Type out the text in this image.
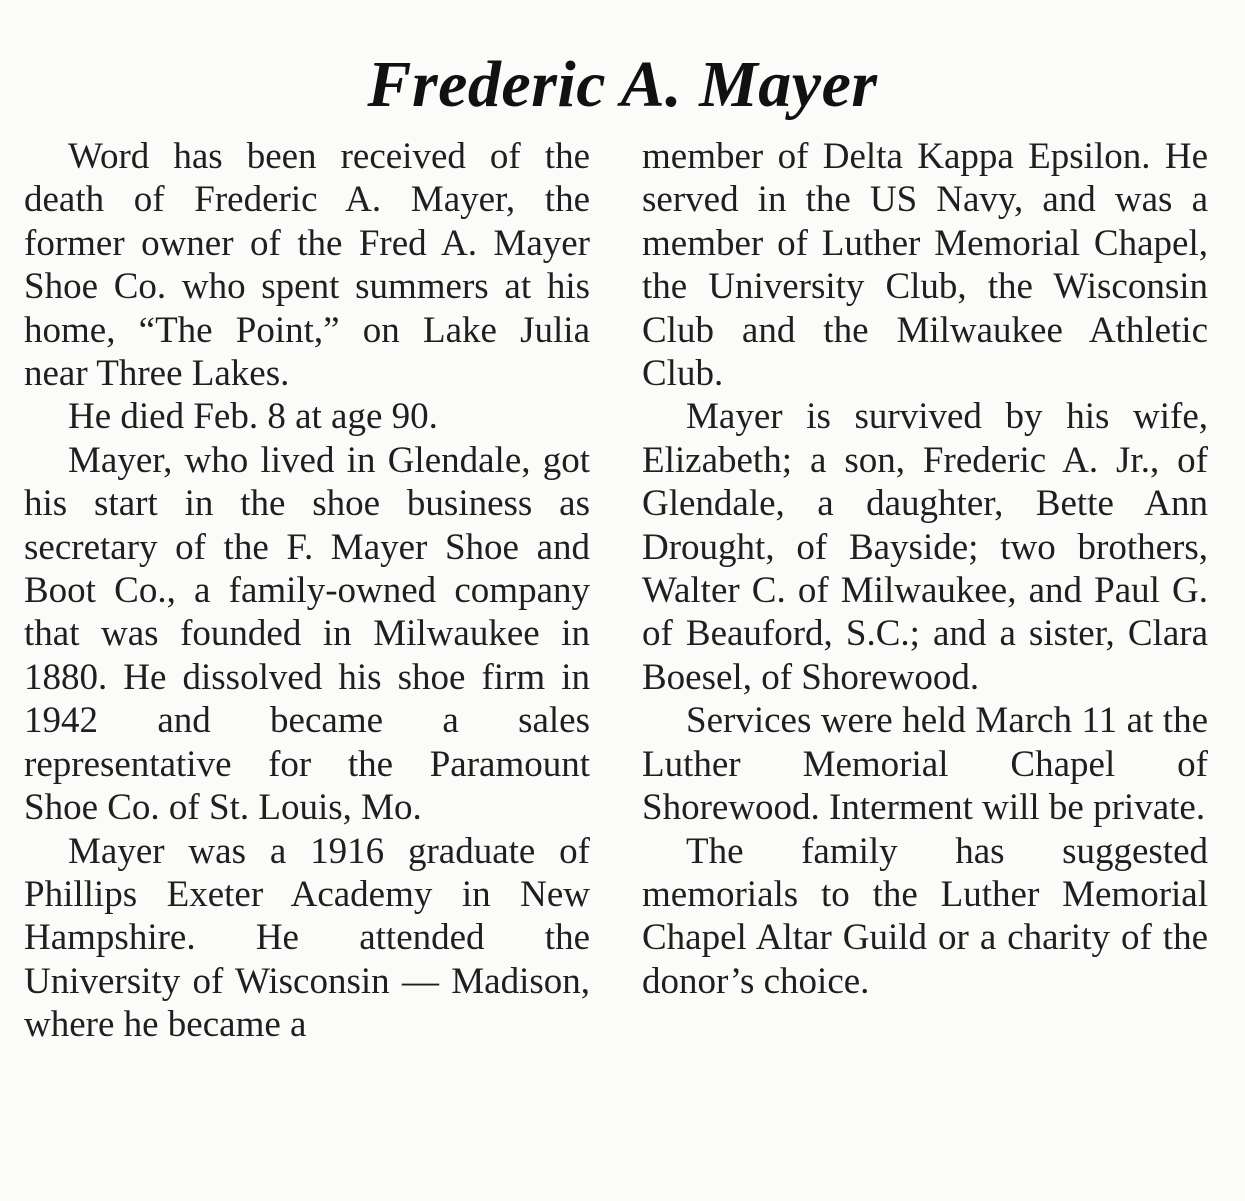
Frederic A. Mayer

Word has been received of the death of Frederic A. Mayer, the former owner of the Fred A. Mayer Shoe Co. who spent summers at his home, “The Point,” on Lake Julia near Three Lakes.

He died Feb. 8 at age 90.

Mayer, who lived in Glendale, got his start in the shoe business as secretary of the F. Mayer Shoe and Boot Co., a family-owned company that was founded in Milwaukee in 1880. He dissolved his shoe firm in 1942 and became a sales representative for the Paramount Shoe Co. of St. Louis, Mo.

Mayer was a 1916 graduate of Phillips Exeter Academy in New Hampshire. He attended the University of Wisconsin — Madison, where he became a

member of Delta Kappa Epsilon. He served in the US Navy, and was a member of Luther Memorial Chapel, the University Club, the Wisconsin Club and the Milwaukee Athletic Club.

Mayer is survived by his wife, Elizabeth; a son, Frederic A. Jr., of Glendale, a daughter, Bette Ann Drought, of Bayside; two brothers, Walter C. of Milwaukee, and Paul G. of Beauford, S.C.; and a sister, Clara Boesel, of Shorewood.

Services were held March 11 at the Luther Memorial Chapel of Shorewood. Interment will be private.

The family has suggested memorials to the Luther Memorial Chapel Altar Guild or a charity of the donor’s choice.
